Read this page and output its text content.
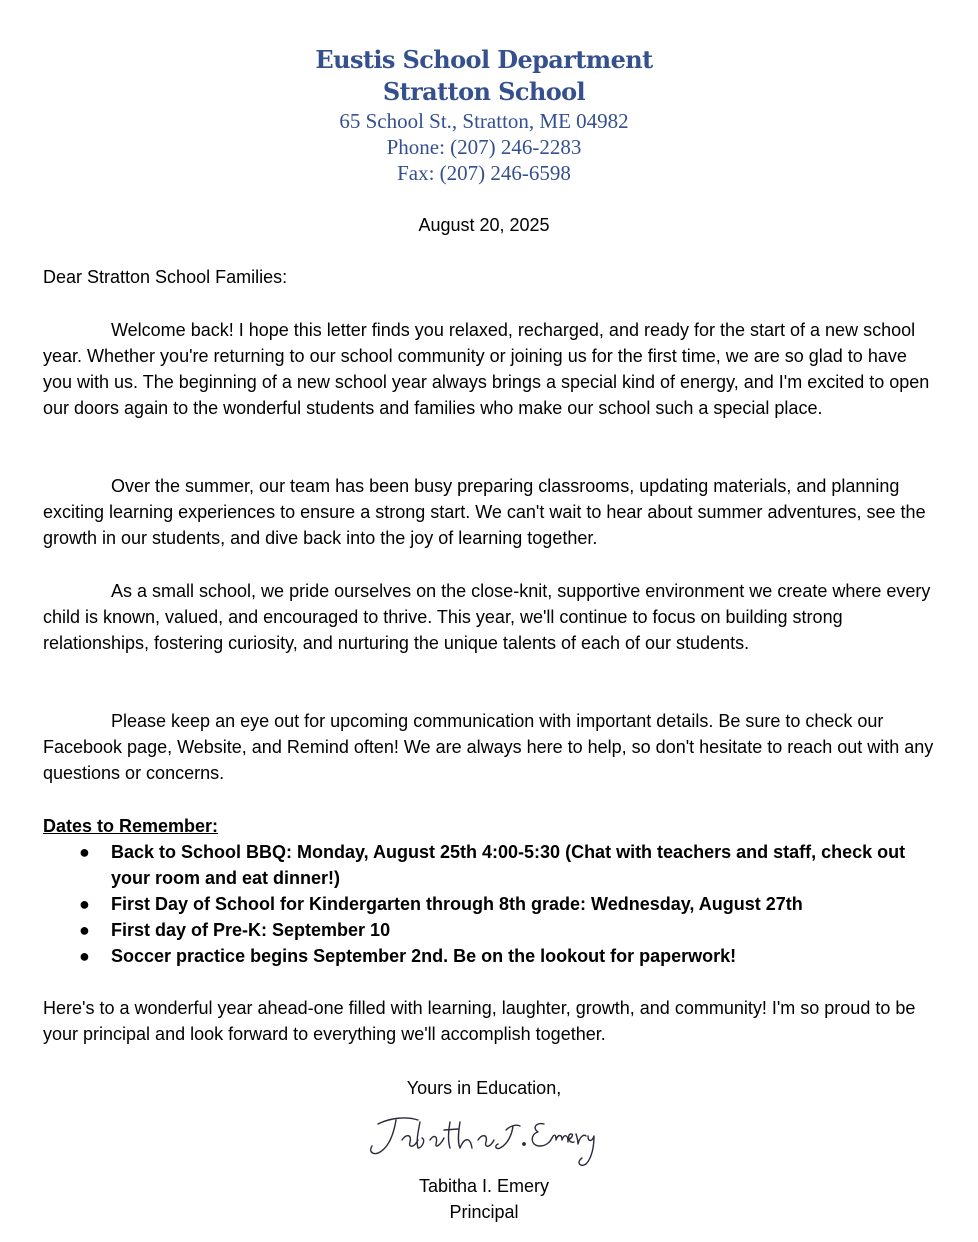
Eustis School Department
Stratton School
65 School St., Stratton, ME 04982
Phone: (207) 246-2283
Fax: (207) 246-6598
August 20, 2025
Dear Stratton School Families:

Welcome back! I hope this letter finds you relaxed, recharged, and ready for the start of a new school year. Whether you're returning to our school community or joining us for the first time, we are so glad to have you with us. The beginning of a new school year always brings a special kind of energy, and I'm excited to open our doors again to the wonderful students and families who make our school such a special place.

Over the summer, our team has been busy preparing classrooms, updating materials, and planning exciting learning experiences to ensure a strong start. We can't wait to hear about summer adventures, see the growth in our students, and dive back into the joy of learning together.

As a small school, we pride ourselves on the close-knit, supportive environment we create where every child is known, valued, and encouraged to thrive. This year, we'll continue to focus on building strong relationships, fostering curiosity, and nurturing the unique talents of each of our students.

Please keep an eye out for upcoming communication with important details. Be sure to check our Facebook page, Website, and Remind often! We are always here to help, so don't hesitate to reach out with any questions or concerns.

Dates to Remember:
● Back to School BBQ: Monday, August 25th 4:00-5:30 (Chat with teachers and staff, check out your room and eat dinner!)
● First Day of School for Kindergarten through 8th grade: Wednesday, August 27th
● First day of Pre-K: September 10
● Soccer practice begins September 2nd. Be on the lookout for paperwork!

Here's to a wonderful year ahead-one filled with learning, laughter, growth, and community! I'm so proud to be your principal and look forward to everything we'll accomplish together.

Yours in Education,
Tabitha I. Emery
Principal
